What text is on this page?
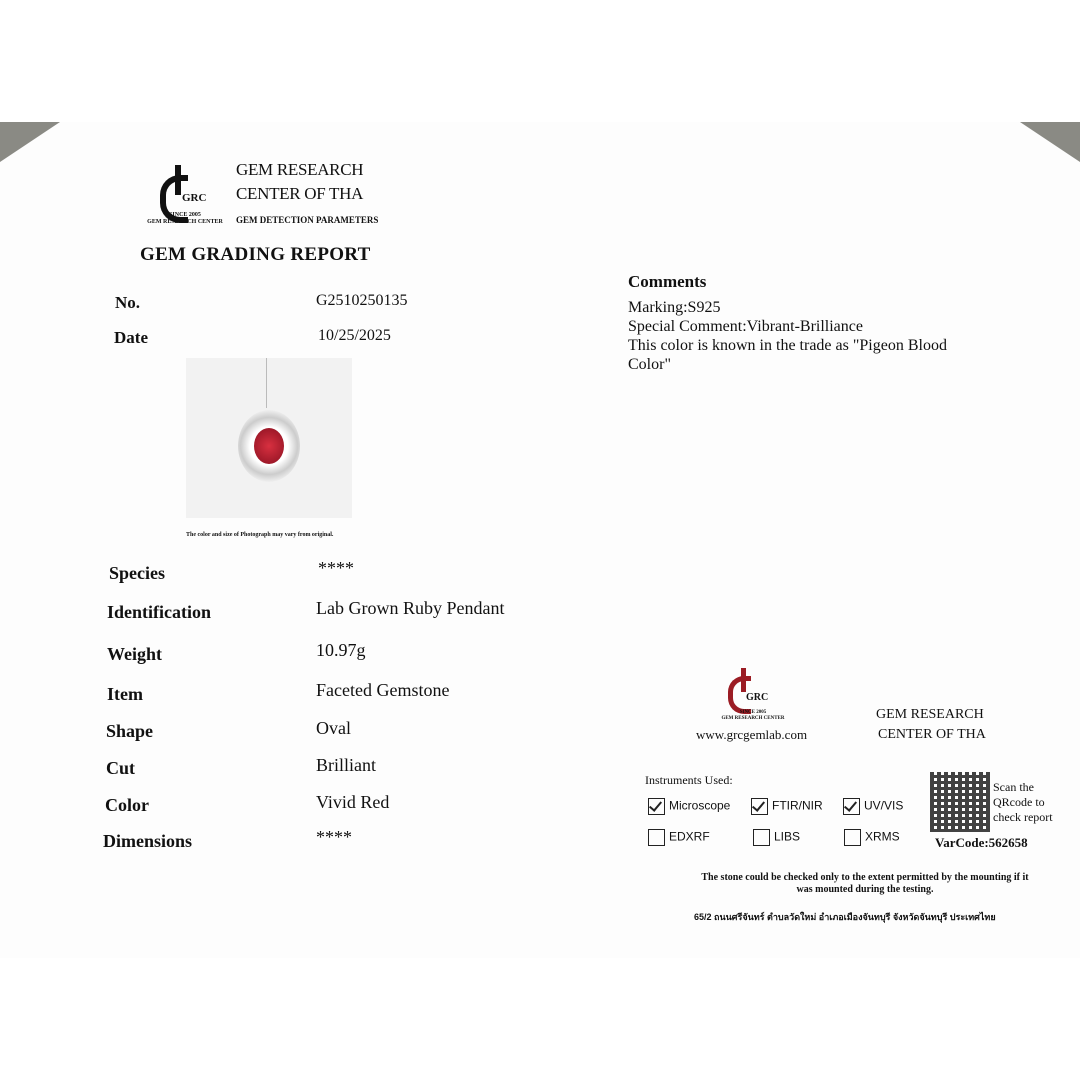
GRC
SINCE 2005
GEM RESEARCH CENTER
GEM RESEARCH
CENTER OF THA
GEM DETECTION PARAMETERS
GEM GRADING REPORT
No.	G2510250135
Date	10/25/2025
The color and size of Photograph may vary from original.
Species	****
Identification	Lab Grown Ruby Pendant
Weight	10.97g
Item	Faceted Gemstone
Shape	Oval
Cut	Brilliant
Color	Vivid Red
Dimensions	****
Comments
Marking:S925
Special Comment:Vibrant-Brilliance
This color is known in the trade as "Pigeon Blood
Color"
GRC
SINCE 2005
GEM RESEARCH CENTER
www.grcgemlab.com
GEM RESEARCH
CENTER OF THA
Instruments Used:
Microscope	FTIR/NIR	UV/VIS
EDXRF	LIBS	XRMS
Scan the
QRcode to
check report
VarCode:562658
The stone could be checked only to the extent permitted by the mounting if it
was mounted during the testing.
65/2 ถนนศรีจันทร์ ตำบลวัดใหม่ อำเภอเมืองจันทบุรี จังหวัดจันทบุรี ประเทศไทย
